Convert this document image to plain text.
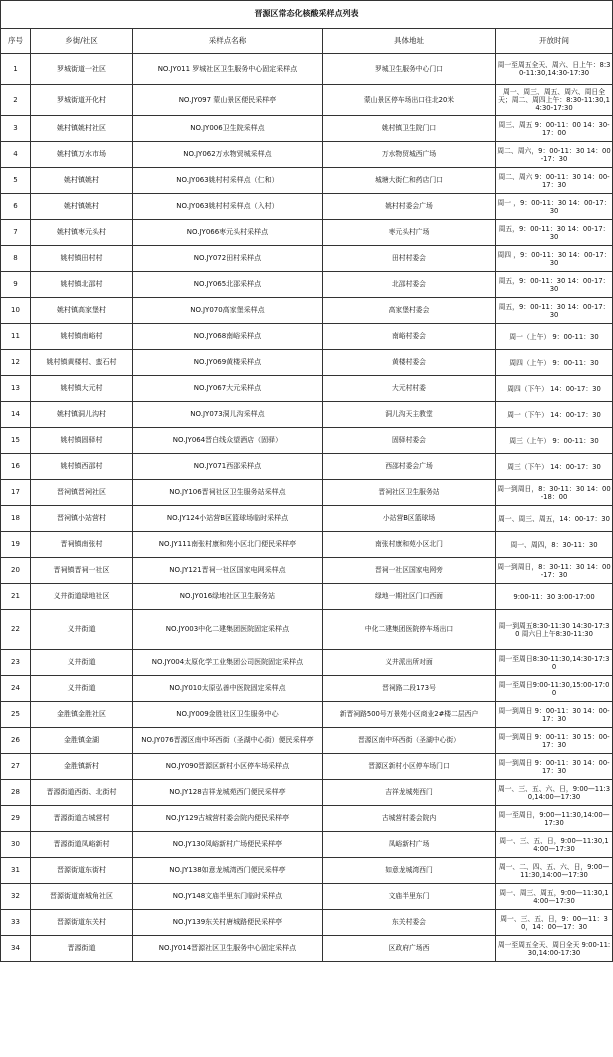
晋源区常态化核酸采样点列表				
序号	乡街/社区	采样点名称	具体地址	开放时间
1	罗城街道一社区	NO.JY011 罗城社区卫生服务中心固定采样点	罗城卫生服务中心门口	周一至周五全天、周六、日上午：8:30-11:30,14:30-17:30
2	罗城街道开化村	NO.JY097 蒙山景区便民采样亭	蒙山景区停车场出口往北20米	周一、周三、周五、周六、周日全天；周二、周四上午：8:30-11:30,14:30-17:30
3	姚村镇姚村社区	NO.JY006卫生院采样点	姚村镇卫生院门口	周三、周五 9：00-11：00 14：30-17：00
4	姚村镇万水市场	NO.JY062万水物贸城采样点	万水物贸城西广场	周二、周六，9：00-11：30 14：00-17：30
5	姚村镇姚村	NO.JY063姚村村采样点（仁和）	城塘大街仁和药店门口	周二、周六 9：00-11：30 14：00-17：30
6	姚村镇姚村	NO.JY063姚村村采样点（入村）	姚村村委会广场	周一 ，9：00-11：30 14：00-17：30
7	姚村镇枣元头村	NO.JY066枣元头村采样点	枣元头村广场	周五，9：00-11：30 14：00-17：30
8	姚村镇田村村	NO.JY072田村采样点	田村村委会	周四 ，9：00-11：30 14：00-17：30
9	姚村镇北邵村	NO.JY065北邵采样点	北邵村委会	周五，9：00-11：30 14：00-17：30
10	姚村镇高家堡村	NO.JY070高家堡采样点	高家堡村委会	周五，9：00-11：30 14：00-17：30
11	姚村镇南峪村	NO.JY068南峪采样点	南峪村委会	周一（上午） 9：00-11：30
12	姚村镇黄楼村、蛮石村	NO.JY069黄楼采样点	黄楼村委会	周四（上午） 9：00-11：30
13	姚村镇大元村	NO.JY067大元采样点	大元村村委	周四（下午） 14：00-17：30
14	姚村镇洞儿沟村	NO.JY073洞儿沟采样点	洞儿沟天主教堂	周一（下午） 14：00-17：30
15	姚村镇固驿村	NO.JY064晋白线众望酒店（固驿）	固驿村委会	周三（上午） 9：00-11：30
16	姚村镇西邵村	NO.JY071西邵采样点	西邵村委会广场	周三（下午） 14：00-17：30
17	晋祠镇晋祠社区	NO.JY106晋祠社区卫生服务站采样点	晋祠社区卫生服务站	周一到周日，8：30-11：30 14：00-18：00
18	晋祠镇小站营村	NO.JY124小站营B区篮球场临时采样点	小站营B区篮球场	周一、周三、周五，14：00-17：30
19	晋祠镇南张村	NO.JY111南张村康和苑小区北门便民采样亭	南张村康和苑小区北门	周一、周四，8：30-11：30
20	晋祠镇晋祠一社区	NO.JY121晋祠一社区国家电网采样点	晋祠一社区国家电网旁	周一到周日，8：30-11：30 14：00-17：30
21	义井街道绿地社区	NO.JY016绿地社区卫生服务站	绿地一期社区门口西面	9:00-11：30 3:00-17:00
22	义井街道	NO.JY003中化二建集团医院固定采样点	中化二建集团医院停车场出口	周一到周五8:30-11:30 14:30-17:30 周六日上午8:30-11:30
23	义井街道	NO.JY004太原化学工业集团公司医院固定采样点	义井派出所对面	周一至周日8:30-11:30,14:30-17:30
24	义井街道	NO.JY010太原弘善中医院固定采样点	晋祠路二段173号	周一至周日9:00-11:30,15:00-17:00
25	金胜镇金胜社区	NO.JY009金胜社区卫生服务中心	新晋祠路500号万景苑小区商业2#楼二层西户	周一到周日 9：00-11：30 14：00-17：30
26	金胜镇金湖	NO.JY076晋源区南中环西街（圣湖中心街）便民采样亭	晋源区南中环西街（圣湖中心街）	周一到周日 9：00-11：30 15：00-17：30
27	金胜镇新村	NO.JY090晋源区新村小区停车场采样点	晋源区新村小区停车场门口	周一到周日 9：00-11：30 14：00-17：30
28	晋源街道西街、北街村	NO.JY128吉祥龙城苑西门便民采样亭	吉祥龙城苑西门	周一、三、五、六、日，9:00—11:30,14:00—17:30
29	晋源街道古城营村	NO.JY129古城营村委会院内便民采样亭	古城营村委会院内	周一至周日，9:00—11:30,14:00—17:30
30	晋源街道凤峪新村	NO.JY130凤峪新村广场便民采样亭	凤峪新村广场	周一、三、五、日，9:00—11:30,14:00—17:30
31	晋源街道东街村	NO.JY138如意龙城湾西门便民采样亭	如意龙城湾西门	周一、二、四、五、六、日，9:00—11:30,14:00—17:30
32	晋源街道南城角社区	NO.JY148文庙半里东门临时采样点	文庙半里东门	周一、周三、周五，9:00—11:30,14:00—17:30
33	晋源街道东关村	NO.JY139东关村唐城路便民采样亭	东关村委会	周一、三、五、日，9：00—11：30，14：00—17：30
34	晋源街道	NO.JY014晋源社区卫生服务中心固定采样点	区政府广场西	周一至周五全天、周日全天 9:00-11:30,14:00-17:30
